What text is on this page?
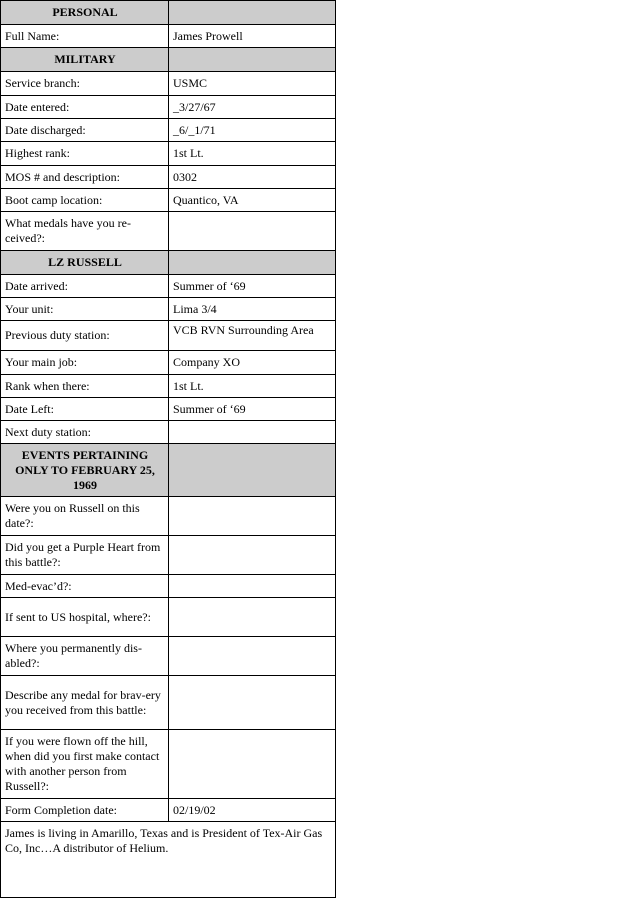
PERSONAL	
Full Name:	James Prowell
MILITARY	
Service branch:	USMC
Date entered:	_3/27/67
Date discharged:	_6/_1/71
Highest rank:	1st Lt.
MOS # and description:	0302
Boot camp location:	Quantico, VA
What medals have you re-ceived?:	
LZ RUSSELL	
Date arrived:	Summer of ‘69
Your unit:	Lima 3/4
Previous duty station:	VCB RVN Surrounding Area
Your main job:	Company XO
Rank when there:	1st Lt.
Date Left:	Summer of ‘69
Next duty station:	
EVENTS PERTAINING ONLY TO FEBRUARY 25, 1969	
Were you on Russell on this date?:	
Did you get a Purple Heart from this battle?:	
Med-evac’d?:	
If sent to US hospital, where?:	
Where you permanently dis-abled?:	
Describe any medal for brav-ery you received from this battle:	
If you were flown off the hill, when did you first make contact with another person from Russell?:	
Form Completion date:	02/19/02
James is living in Amarillo, Texas and is President of Tex-Air Gas Co, Inc…A distributor of Helium.	
